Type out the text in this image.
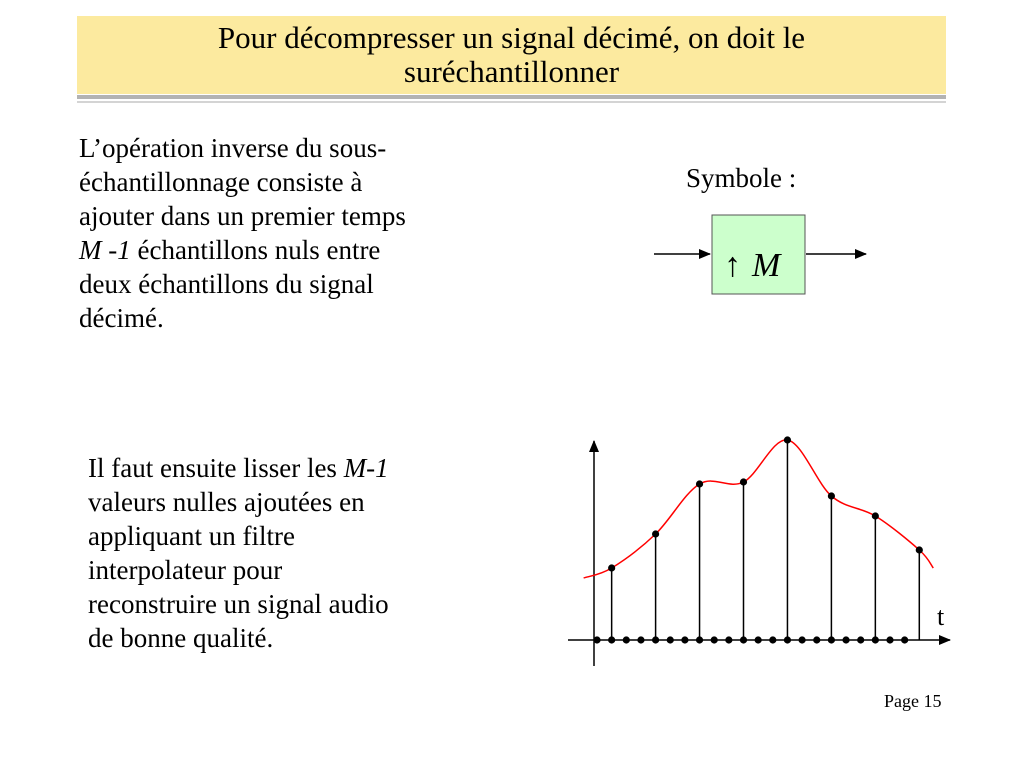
Pour décompresser un signal décimé, on doit le
suréchantillonner
L’opération inverse du sous-
échantillonnage consiste à
ajouter dans un premier temps
M -1 échantillons nuls entre
deux échantillons du signal
décimé.
Il faut ensuite lisser les M-1
valeurs nulles ajoutées en
appliquant un filtre
interpolateur pour
reconstruire un signal audio
de bonne qualité.
Symbole :
Page 15
↑ M
t
